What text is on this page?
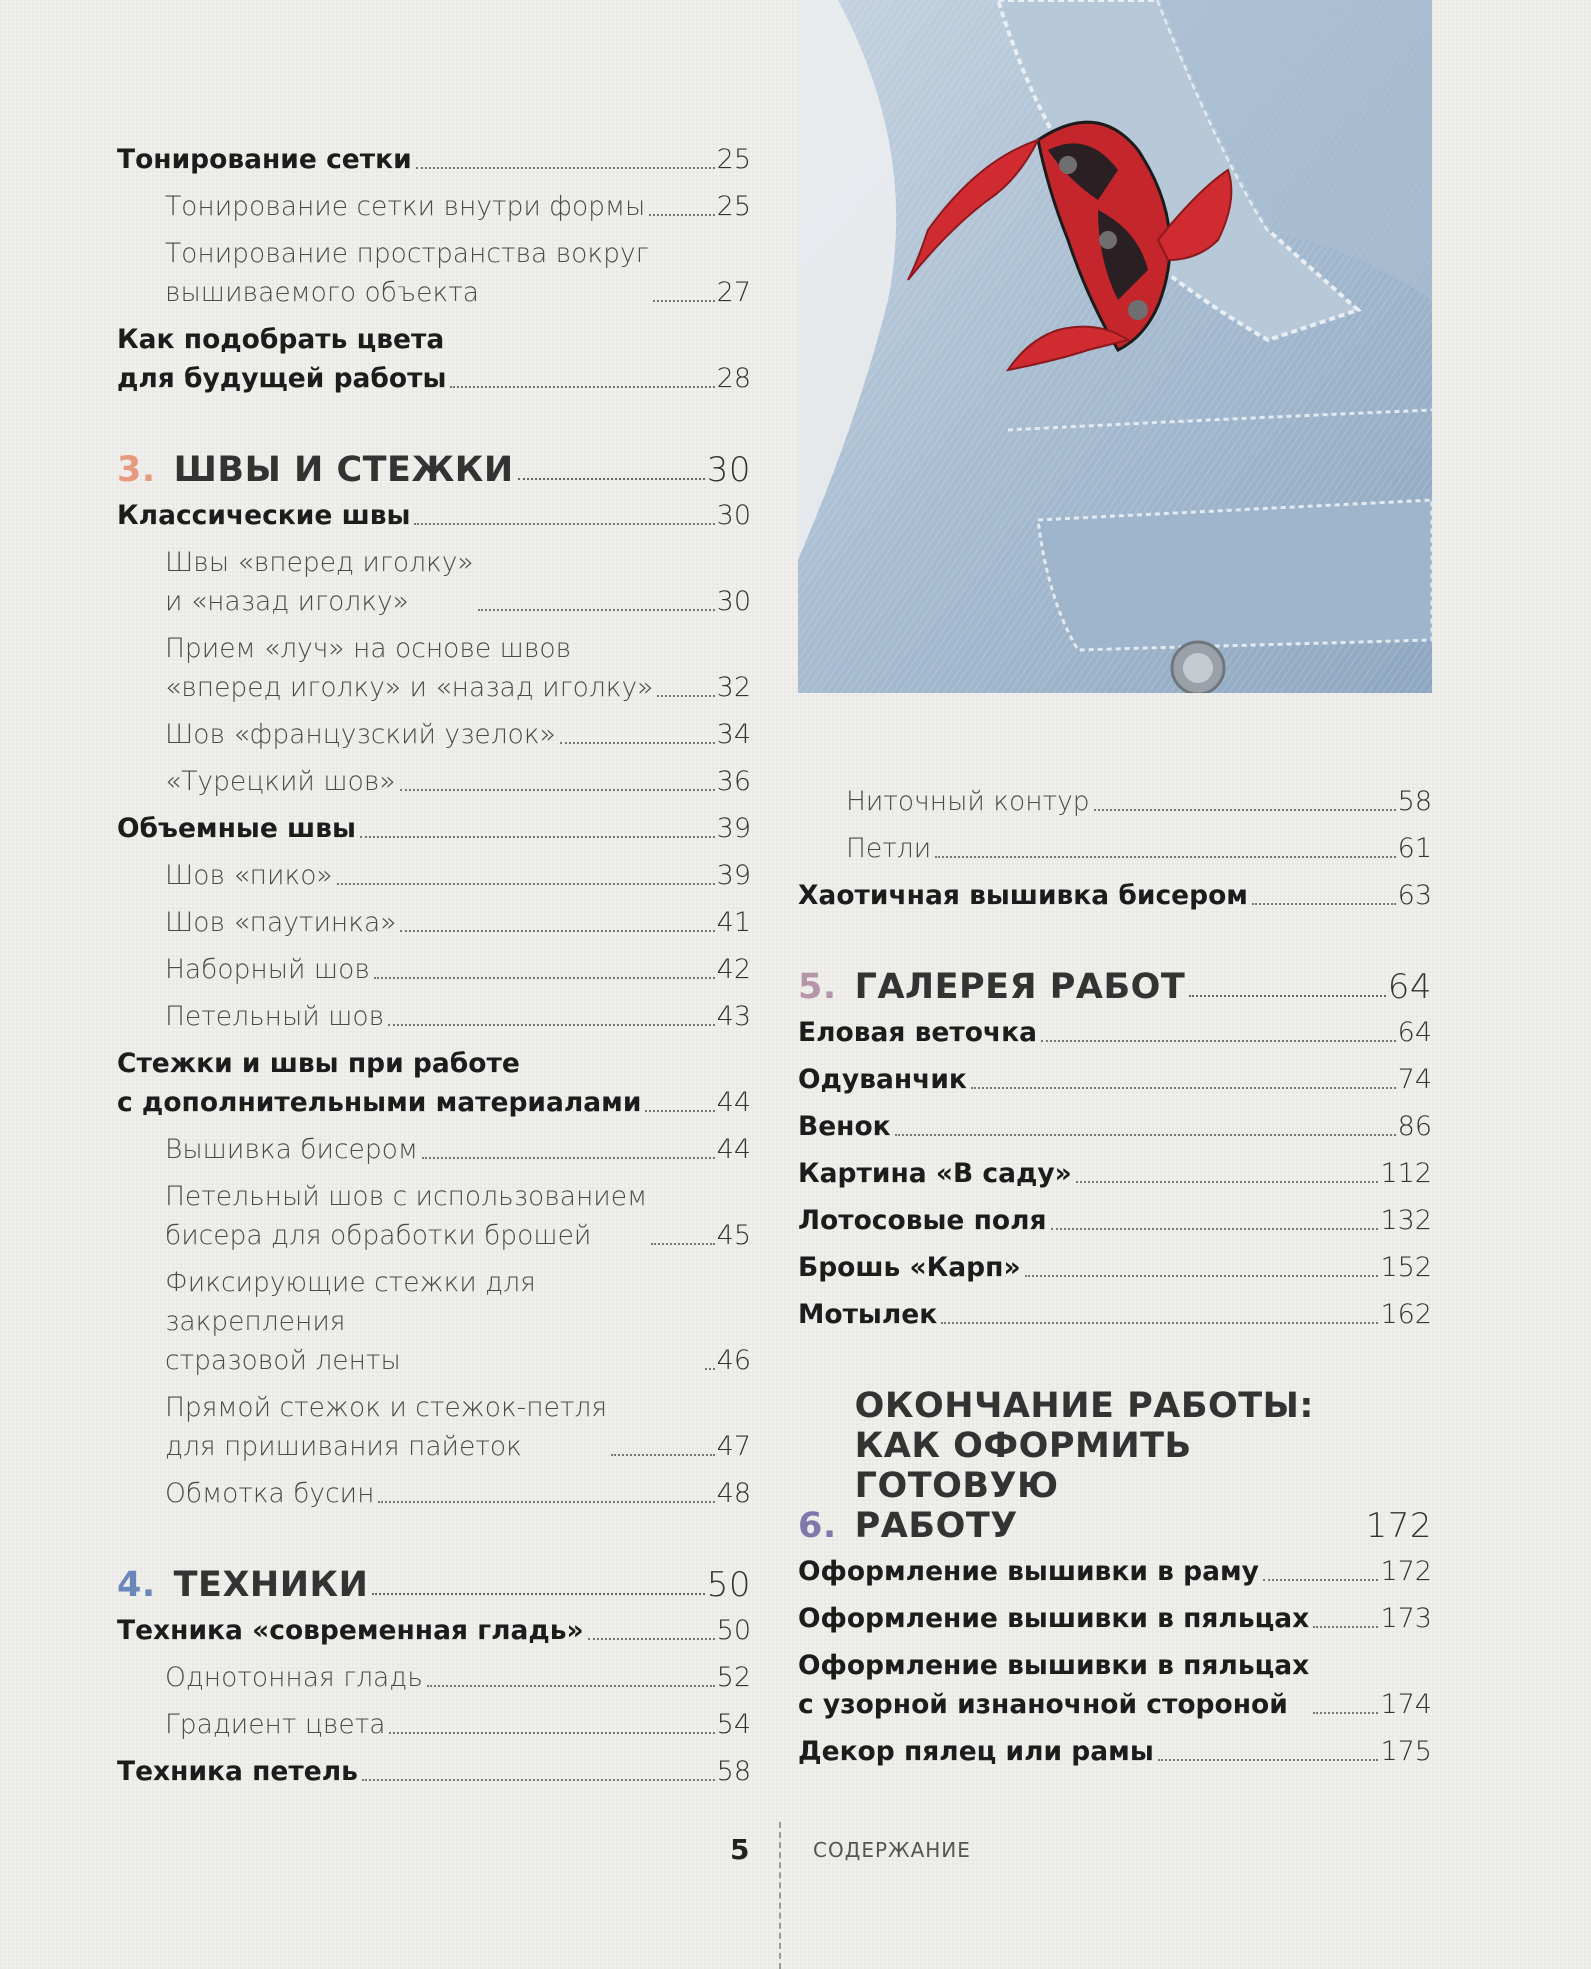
Тонирование сетки	25
Тонирование сетки внутри формы	25
Тонирование пространства вокруг
вышиваемого объекта	27
Как подобрать цвета
для будущей работы	28
3. ШВЫ И СТЕЖКИ	30
Классические швы	30
Швы «вперед иголку»
и «назад иголку»	30
Прием «луч» на основе швов
«вперед иголку» и «назад иголку» 32
Шов «французский узелок»	34
«Турецкий шов»	36
Объемные швы	39
Шов «пико»	39
Шов «паутинка»	41
Наборный шов	42
Петельный шов	43
Стежки и швы при работе
с дополнительными материалами	44
Вышивка бисером	44
Петельный шов с использованием
бисера для обработки брошей	45
Фиксирующие стежки для закрепления
стразовой ленты	46
Прямой стежок и стежок-петля
для пришивания пайеток	47
Обмотка бусин	48
4. ТЕХНИКИ	50
Техника «современная гладь»	50
Однотонная гладь	52
Градиент цвета	54
Техника петель	58
Ниточный контур	58
Петли	61
Хаотичная вышивка бисером	63
5. ГАЛЕРЕЯ РАБОТ	64
Еловая веточка	64
Одуванчик	74
Венок	86
Картина «В саду»	112
Лотосовые поля	132
Брошь «Карп»	152
Мотылек	162
6.
ОКОНЧАНИЕ РАБОТЫ:
КАК ОФОРМИТЬ ГОТОВУЮ
РАБОТУ	172
Оформление вышивки в раму	172
Оформление вышивки в пяльцах	173
Оформление вышивки в пяльцах
с узорной изнаночной стороной	174
Декор пялец или рамы	175
5	СОДЕРЖАНИЕ
